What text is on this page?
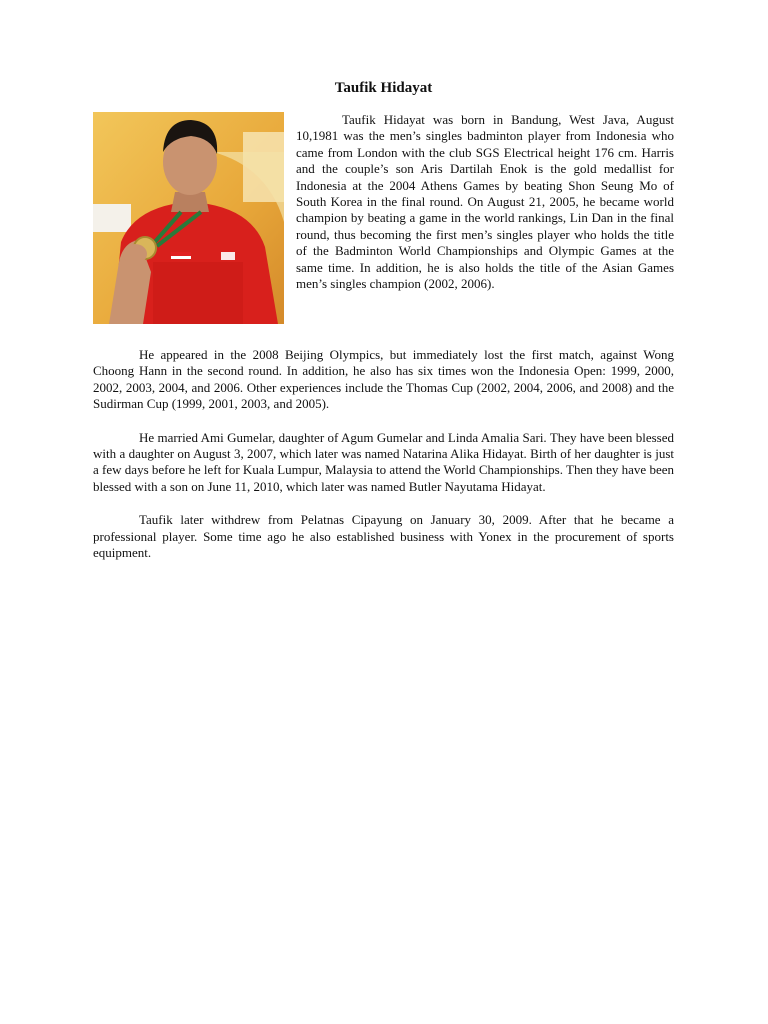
Taufik Hidayat

Taufik Hidayat was born in Bandung, West Java, August 10,1981 was the men’s singles badminton player from Indonesia who came from London with the club SGS Electrical height 176 cm. Harris and the couple’s son Aris Dartilah Enok is the gold medallist for Indonesia at the 2004 Athens Games by beating Shon Seung Mo of South Korea in the final round. On August 21, 2005, he became world champion by beating a game in the world rankings, Lin Dan in the final round, thus becoming the first men’s singles player who holds the title of the Badminton World Championships and Olympic Games at the same time. In addition, he is also holds the title of the Asian Games men’s singles champion (2002, 2006).

He appeared in the 2008 Beijing Olympics, but immediately lost the first match, against Wong Choong Hann in the second round. In addition, he also has six times won the Indonesia Open: 1999, 2000, 2002, 2003, 2004, and 2006. Other experiences include the Thomas Cup (2002, 2004, 2006, and 2008) and the Sudirman Cup (1999, 2001, 2003, and 2005).

He married Ami Gumelar, daughter of Agum Gumelar and Linda Amalia Sari. They have been blessed with a daughter on August 3, 2007, which later was named Natarina Alika Hidayat. Birth of her daughter is just a few days before he left for Kuala Lumpur, Malaysia to attend the World Championships. Then they have been blessed with a son on June 11, 2010, which later was named Butler Nayutama Hidayat.

Taufik later withdrew from Pelatnas Cipayung on January 30, 2009. After that he became a professional player. Some time ago he also established business with Yonex in the procurement of sports equipment.
